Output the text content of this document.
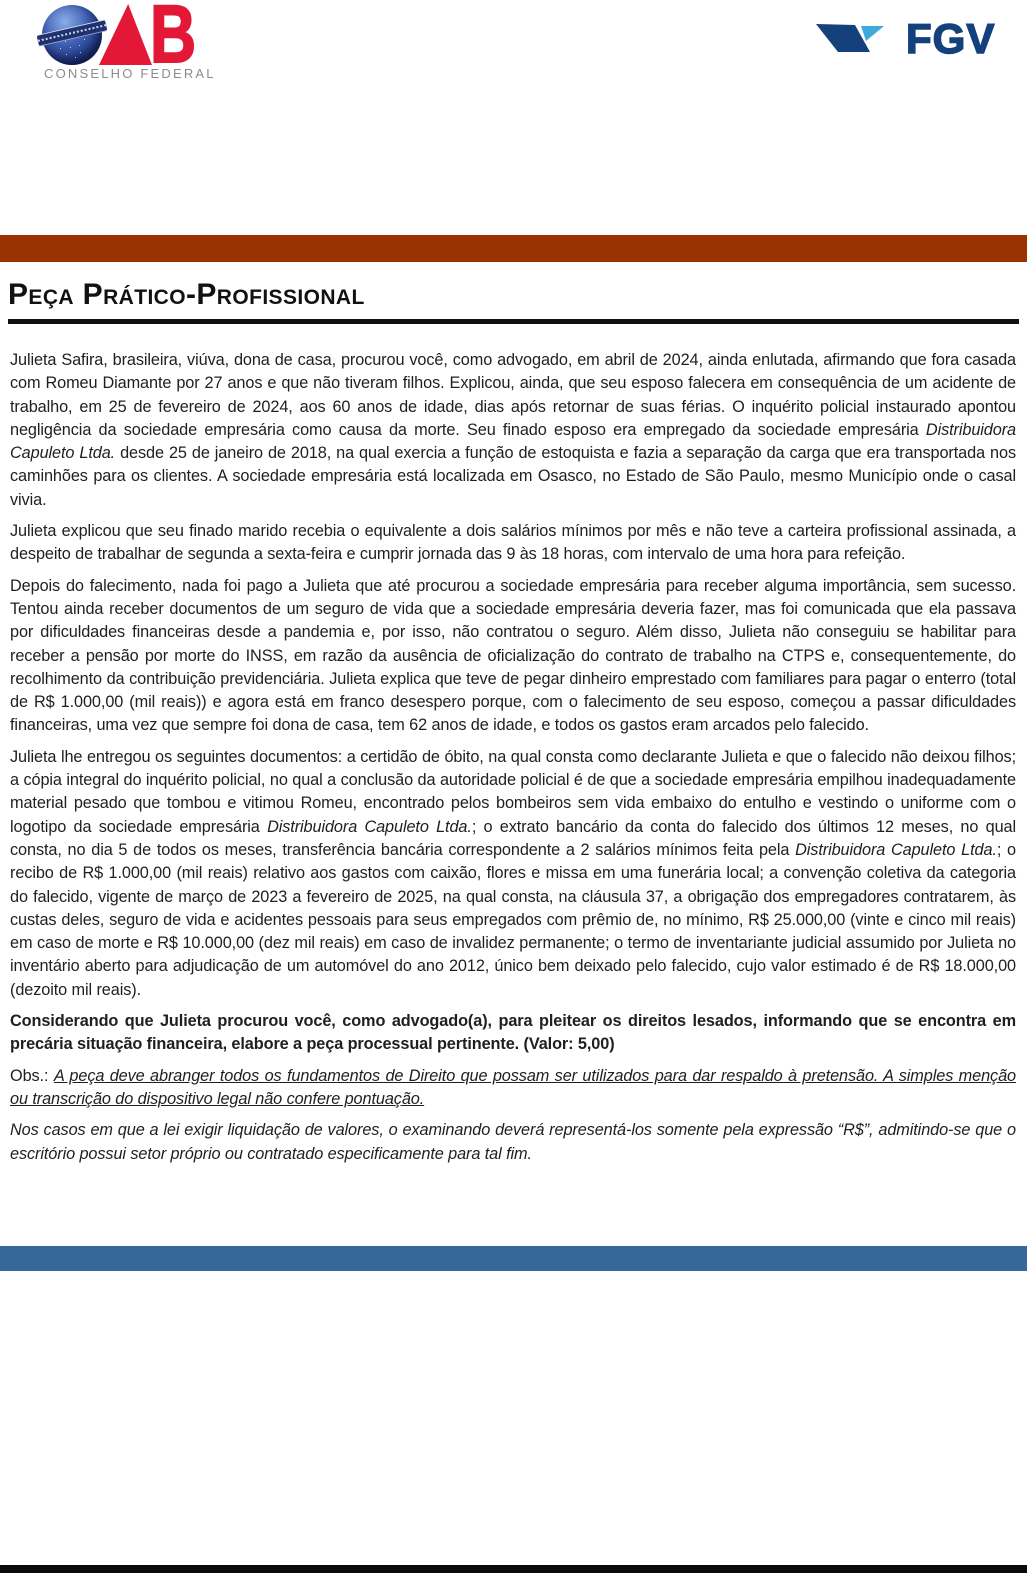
B
CONSELHO FEDERAL
FGV
Peça Prático-Profissional

Julieta Safira, brasileira, viúva, dona de casa, procurou você, como advogado, em abril de 2024, ainda enlutada, afirmando que fora casada com Romeu Diamante por 27 anos e que não tiveram filhos. Explicou, ainda, que seu esposo falecera em consequência de um acidente de trabalho, em 25 de fevereiro de 2024, aos 60 anos de idade, dias após retornar de suas férias. O inquérito policial instaurado apontou negligência da sociedade empresária como causa da morte. Seu finado esposo era empregado da sociedade empresária Distribuidora Capuleto Ltda. desde 25 de janeiro de 2018, na qual exercia a função de estoquista e fazia a separação da carga que era transportada nos caminhões para os clientes. A sociedade empresária está localizada em Osasco, no Estado de São Paulo, mesmo Município onde o casal vivia.

Julieta explicou que seu finado marido recebia o equivalente a dois salários mínimos por mês e não teve a carteira profissional assinada, a despeito de trabalhar de segunda a sexta-feira e cumprir jornada das 9 às 18 horas, com intervalo de uma hora para refeição.

Depois do falecimento, nada foi pago a Julieta que até procurou a sociedade empresária para receber alguma importância, sem sucesso. Tentou ainda receber documentos de um seguro de vida que a sociedade empresária deveria fazer, mas foi comunicada que ela passava por dificuldades financeiras desde a pandemia e, por isso, não contratou o seguro. Além disso, Julieta não conseguiu se habilitar para receber a pensão por morte do INSS, em razão da ausência de oficialização do contrato de trabalho na CTPS e, consequentemente, do recolhimento da contribuição previdenciária. Julieta explica que teve de pegar dinheiro emprestado com familiares para pagar o enterro (total de R$ 1.000,00 (mil reais)) e agora está em franco desespero porque, com o falecimento de seu esposo, começou a passar dificuldades financeiras, uma vez que sempre foi dona de casa, tem 62 anos de idade, e todos os gastos eram arcados pelo falecido.

Julieta lhe entregou os seguintes documentos: a certidão de óbito, na qual consta como declarante Julieta e que o falecido não deixou filhos; a cópia integral do inquérito policial, no qual a conclusão da autoridade policial é de que a sociedade empresária empilhou inadequadamente material pesado que tombou e vitimou Romeu, encontrado pelos bombeiros sem vida embaixo do entulho e vestindo o uniforme com o logotipo da sociedade empresária Distribuidora Capuleto Ltda.; o extrato bancário da conta do falecido dos últimos 12 meses, no qual consta, no dia 5 de todos os meses, transferência bancária correspondente a 2 salários mínimos feita pela Distribuidora Capuleto Ltda.; o recibo de R$ 1.000,00 (mil reais) relativo aos gastos com caixão, flores e missa em uma funerária local; a convenção coletiva da categoria do falecido, vigente de março de 2023 a fevereiro de 2025, na qual consta, na cláusula 37, a obrigação dos empregadores contratarem, às custas deles, seguro de vida e acidentes pessoais para seus empregados com prêmio de, no mínimo, R$ 25.000,00 (vinte e cinco mil reais) em caso de morte e R$ 10.000,00 (dez mil reais) em caso de invalidez permanente; o termo de inventariante judicial assumido por Julieta no inventário aberto para adjudicação de um automóvel do ano 2012, único bem deixado pelo falecido, cujo valor estimado é de R$ 18.000,00 (dezoito mil reais).

Considerando que Julieta procurou você, como advogado(a), para pleitear os direitos lesados, informando que se encontra em precária situação financeira, elabore a peça processual pertinente. (Valor: 5,00)

Obs.: A peça deve abranger todos os fundamentos de Direito que possam ser utilizados para dar respaldo à pretensão. A simples menção ou transcrição do dispositivo legal não confere pontuação.

Nos casos em que a lei exigir liquidação de valores, o examinando deverá representá-los somente pela expressão “R$”, admitindo-se que o escritório possui setor próprio ou contratado especificamente para tal fim.
